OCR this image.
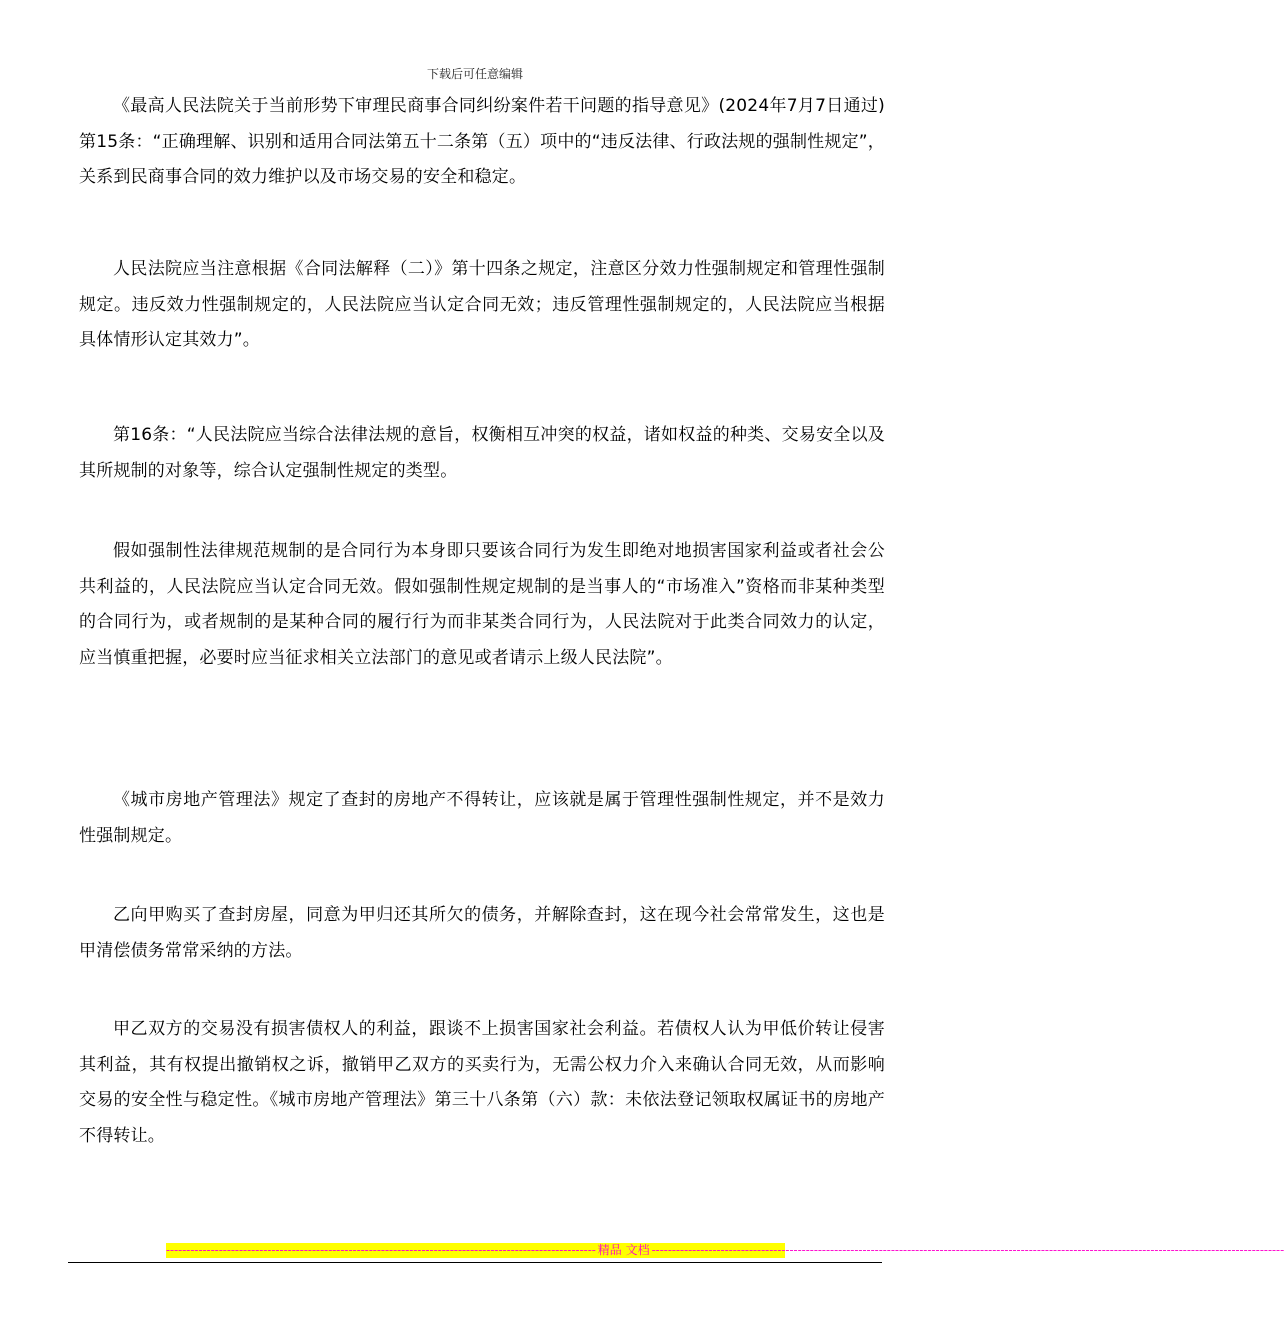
下载后可任意编辑

《最高人民法院关于当前形势下审理民商事合同纠纷案件若干问题的指导意见》(2024年7月7日通过)第15条：“正确理解、识别和适用合同法第五十二条第（五）项中的“违反法律、行政法规的强制性规定”，关系到民商事合同的效力维护以及市场交易的安全和稳定。

人民法院应当注意根据《合同法解释（二）》第十四条之规定，注意区分效力性强制规定和管理性强制规定。违反效力性强制规定的，人民法院应当认定合同无效；违反管理性强制规定的，人民法院应当根据具体情形认定其效力”。

第16条：“人民法院应当综合法律法规的意旨，权衡相互冲突的权益，诸如权益的种类、交易安全以及其所规制的对象等，综合认定强制性规定的类型。

假如强制性法律规范规制的是合同行为本身即只要该合同行为发生即绝对地损害国家利益或者社会公共利益的，人民法院应当认定合同无效。假如强制性规定规制的是当事人的“市场准入”资格而非某种类型的合同行为，或者规制的是某种合同的履行行为而非某类合同行为，人民法院对于此类合同效力的认定，应当慎重把握，必要时应当征求相关立法部门的意见或者请示上级人民法院”。

《城市房地产管理法》规定了查封的房地产不得转让，应该就是属于管理性强制性规定，并不是效力性强制规定。

乙向甲购买了查封房屋，同意为甲归还其所欠的债务，并解除查封，这在现今社会常常发生，这也是甲清偿债务常常采纳的方法。

甲乙双方的交易没有损害债权人的利益，跟谈不上损害国家社会利益。若债权人认为甲低价转让侵害其利益，其有权提出撤销权之诉，撤销甲乙双方的买卖行为，无需公权力介入来确认合同无效，从而影响交易的安全性与稳定性。《城市房地产管理法》第三十八条第（六）款：未依法登记领取权属证书的房地产不得转让。

---------------------------------------------------------------------------------------------------------- 精品 文档 ------------------------------------------------------------------------------------------------------------------------------------------------------------
